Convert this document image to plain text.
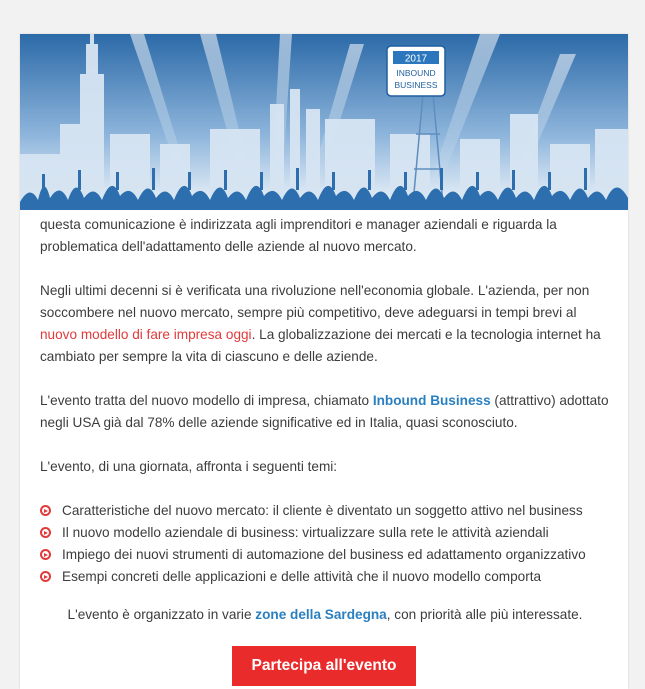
2017
INBOUND
BUSINESS

questa comunicazione è indirizzata agli imprenditori e manager aziendali e riguarda la problematica dell'adattamento delle aziende al nuovo mercato.

Negli ultimi decenni si è verificata una rivoluzione nell'economia globale. L'azienda, per non soccombere nel nuovo mercato, sempre più competitivo, deve adeguarsi in tempi brevi al nuovo modello di fare impresa oggi. La globalizzazione dei mercati e la tecnologia internet ha cambiato per sempre la vita di ciascuno e delle aziende.

L'evento tratta del nuovo modello di impresa, chiamato Inbound Business (attrattivo) adottato negli USA già dal 78% delle aziende significative ed in Italia, quasi sconosciuto.

L'evento, di una giornata, affronta i seguenti temi:

Caratteristiche del nuovo mercato: il cliente è diventato un soggetto attivo nel business
Il nuovo modello aziendale di business: virtualizzare sulla rete le attività aziendali
Impiego dei nuovi strumenti di automazione del business ed adattamento organizzativo
Esempi concreti delle applicazioni e delle attività che il nuovo modello comporta

L'evento è organizzato in varie zone della Sardegna, con priorità alle più interessate.

Partecipa all'evento
